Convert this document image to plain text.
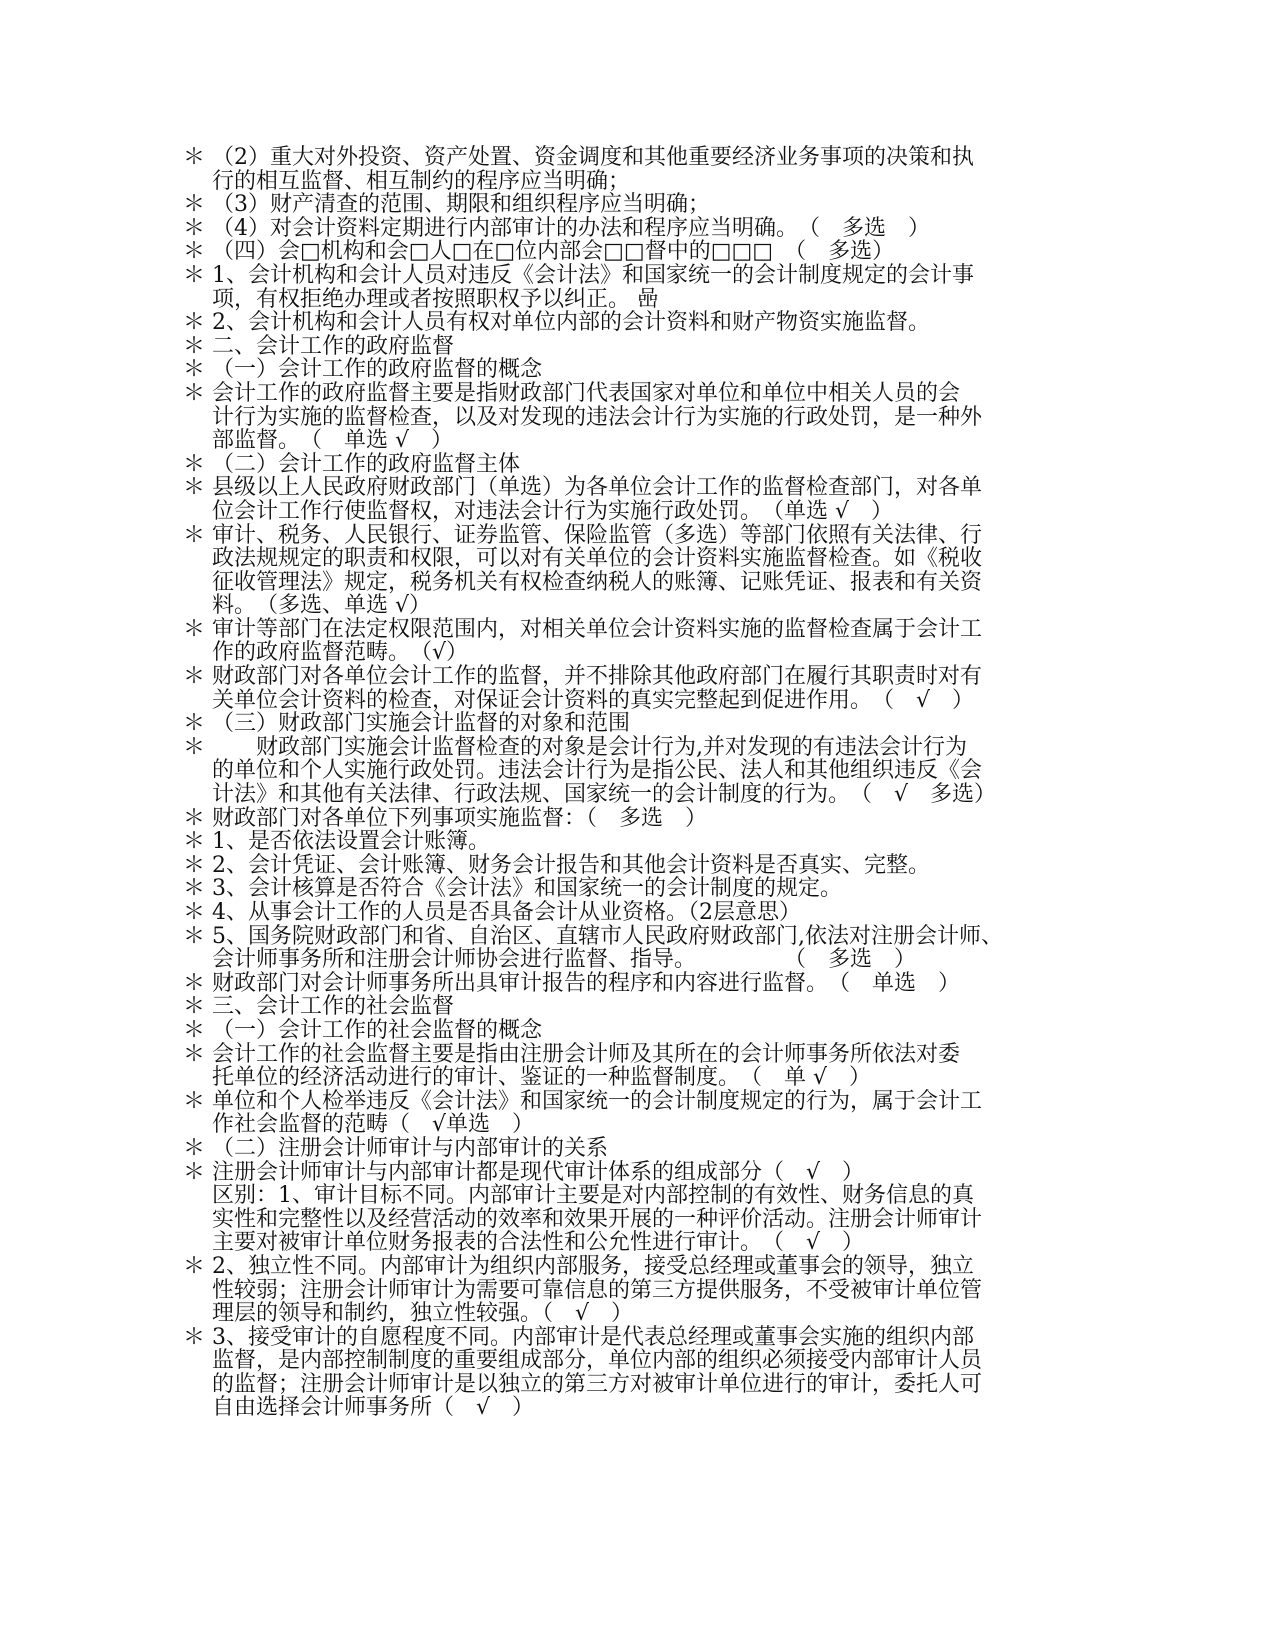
＊ （2）重大对外投资、资产处置、资金调度和其他重要经济业务事项的决策和执
行的相互监督、相互制约的程序应当明确；
＊ （3）财产清查的范围、期限和组织程序应当明确；
＊ （4）对会计资料定期进行内部审计的办法和程序应当明确。　（　多选　）
＊ （四）会□机构和会□人□在□位内部会□□督中的□□□　（　多选）
＊ 1、会计机构和会计人员对违反《会计法》和国家统一的会计制度规定的会计事
项，有权拒绝办理或者按照职权予以纠正。 喦
＊ 2、会计机构和会计人员有权对单位内部的会计资料和财产物资实施监督。
＊ 二、会计工作的政府监督
＊ （一）会计工作的政府监督的概念
＊ 会计工作的政府监督主要是指财政部门代表国家对单位和单位中相关人员的会
计行为实施的监督检查，以及对发现的违法会计行为实施的行政处罚，是一种外
部监督。　（　单选 √　）
＊ （二）会计工作的政府监督主体
＊ 县级以上人民政府财政部门（单选）为各单位会计工作的监督检查部门，对各单
位会计工作行使监督权，对违法会计行为实施行政处罚。　（单选 √　）
＊ 审计、税务、人民银行、证券监管、保险监管（多选）等部门依照有关法律、行
政法规规定的职责和权限，可以对有关单位的会计资料实施监督检查。如《税收
征收管理法》规定，税务机关有权检查纳税人的账簿、记账凭证、报表和有关资
料。　（多选、单选 √）
＊ 审计等部门在法定权限范围内，对相关单位会计资料实施的监督检查属于会计工
作的政府监督范畴。　（√）
＊ 财政部门对各单位会计工作的监督，并不排除其他政府部门在履行其职责时对有
关单位会计资料的检查，对保证会计资料的真实完整起到促进作用。　（　√　）
＊ （三）财政部门实施会计监督的对象和范围
＊	　　财政部门实施会计监督检查的对象是会计行为,并对发现的有违法会计行为
的单位和个人实施行政处罚。违法会计行为是指公民、法人和其他组织违反《会
计法》和其他有关法律、行政法规、国家统一的会计制度的行为。　（　√　多选）
＊ 财政部门对各单位下列事项实施监督：（　多选　）
＊ 1、是否依法设置会计账簿。
＊ 2、会计凭证、会计账簿、财务会计报告和其他会计资料是否真实、完整。
＊ 3、会计核算是否符合《会计法》和国家统一的会计制度的规定。
＊ 4、从事会计工作的人员是否具备会计从业资格。（2层意思）
＊ 5、国务院财政部门和省、自治区、直辖市人民政府财政部门,依法对注册会计师、
会计师事务所和注册会计师协会进行监督、指导。　　　　　（　多选　）
＊ 财政部门对会计师事务所出具审计报告的程序和内容进行监督。　（　单选　）
＊ 三、会计工作的社会监督
＊ （一）会计工作的社会监督的概念
＊ 会计工作的社会监督主要是指由注册会计师及其所在的会计师事务所依法对委
托单位的经济活动进行的审计、鉴证的一种监督制度。　（　单 √　）
＊ 单位和个人检举违反《会计法》和国家统一的会计制度规定的行为，属于会计工
作社会监督的范畴（　√单选　）
＊ （二）注册会计师审计与内部审计的关系
＊ 注册会计师审计与内部审计都是现代审计体系的组成部分（　√　）
区别：1、审计目标不同。内部审计主要是对内部控制的有效性、财务信息的真
实性和完整性以及经营活动的效率和效果开展的一种评价活动。注册会计师审计
主要对被审计单位财务报表的合法性和公允性进行审计。　（　√　）
＊ 2、独立性不同。内部审计为组织内部服务，接受总经理或董事会的领导，独立
性较弱；注册会计师审计为需要可靠信息的第三方提供服务，不受被审计单位管
理层的领导和制约，独立性较强。（　√　）
＊ 3、接受审计的自愿程度不同。内部审计是代表总经理或董事会实施的组织内部
监督，是内部控制制度的重要组成部分，单位内部的组织必须接受内部审计人员
的监督；注册会计师审计是以独立的第三方对被审计单位进行的审计，委托人可
自由选择会计师事务所（　√　）
